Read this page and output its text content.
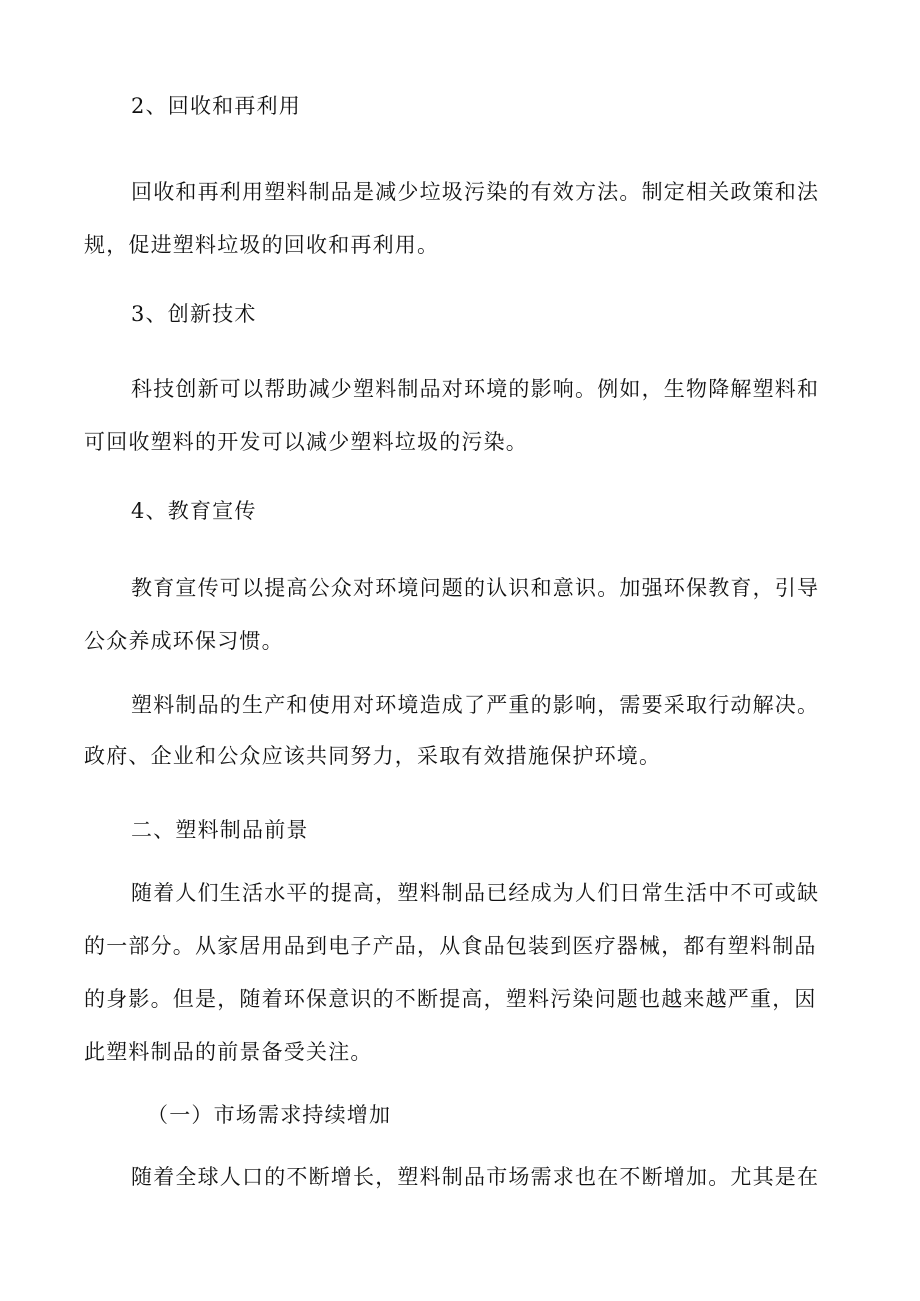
2、回收和再利用
回收和再利用塑料制品是减少垃圾污染的有效方法。制定相关政策和法
规，促进塑料垃圾的回收和再利用。
3、创新技术
科技创新可以帮助减少塑料制品对环境的影响。例如，生物降解塑料和
可回收塑料的开发可以减少塑料垃圾的污染。
4、教育宣传
教育宣传可以提高公众对环境问题的认识和意识。加强环保教育，引导
公众养成环保习惯。
塑料制品的生产和使用对环境造成了严重的影响，需要采取行动解决。
政府、企业和公众应该共同努力，采取有效措施保护环境。
二、塑料制品前景
随着人们生活水平的提高，塑料制品已经成为人们日常生活中不可或缺
的一部分。从家居用品到电子产品，从食品包装到医疗器械，都有塑料制品
的身影。但是，随着环保意识的不断提高，塑料污染问题也越来越严重，因
此塑料制品的前景备受关注。
（一）市场需求持续增加
随着全球人口的不断增长，塑料制品市场需求也在不断增加。尤其是在
